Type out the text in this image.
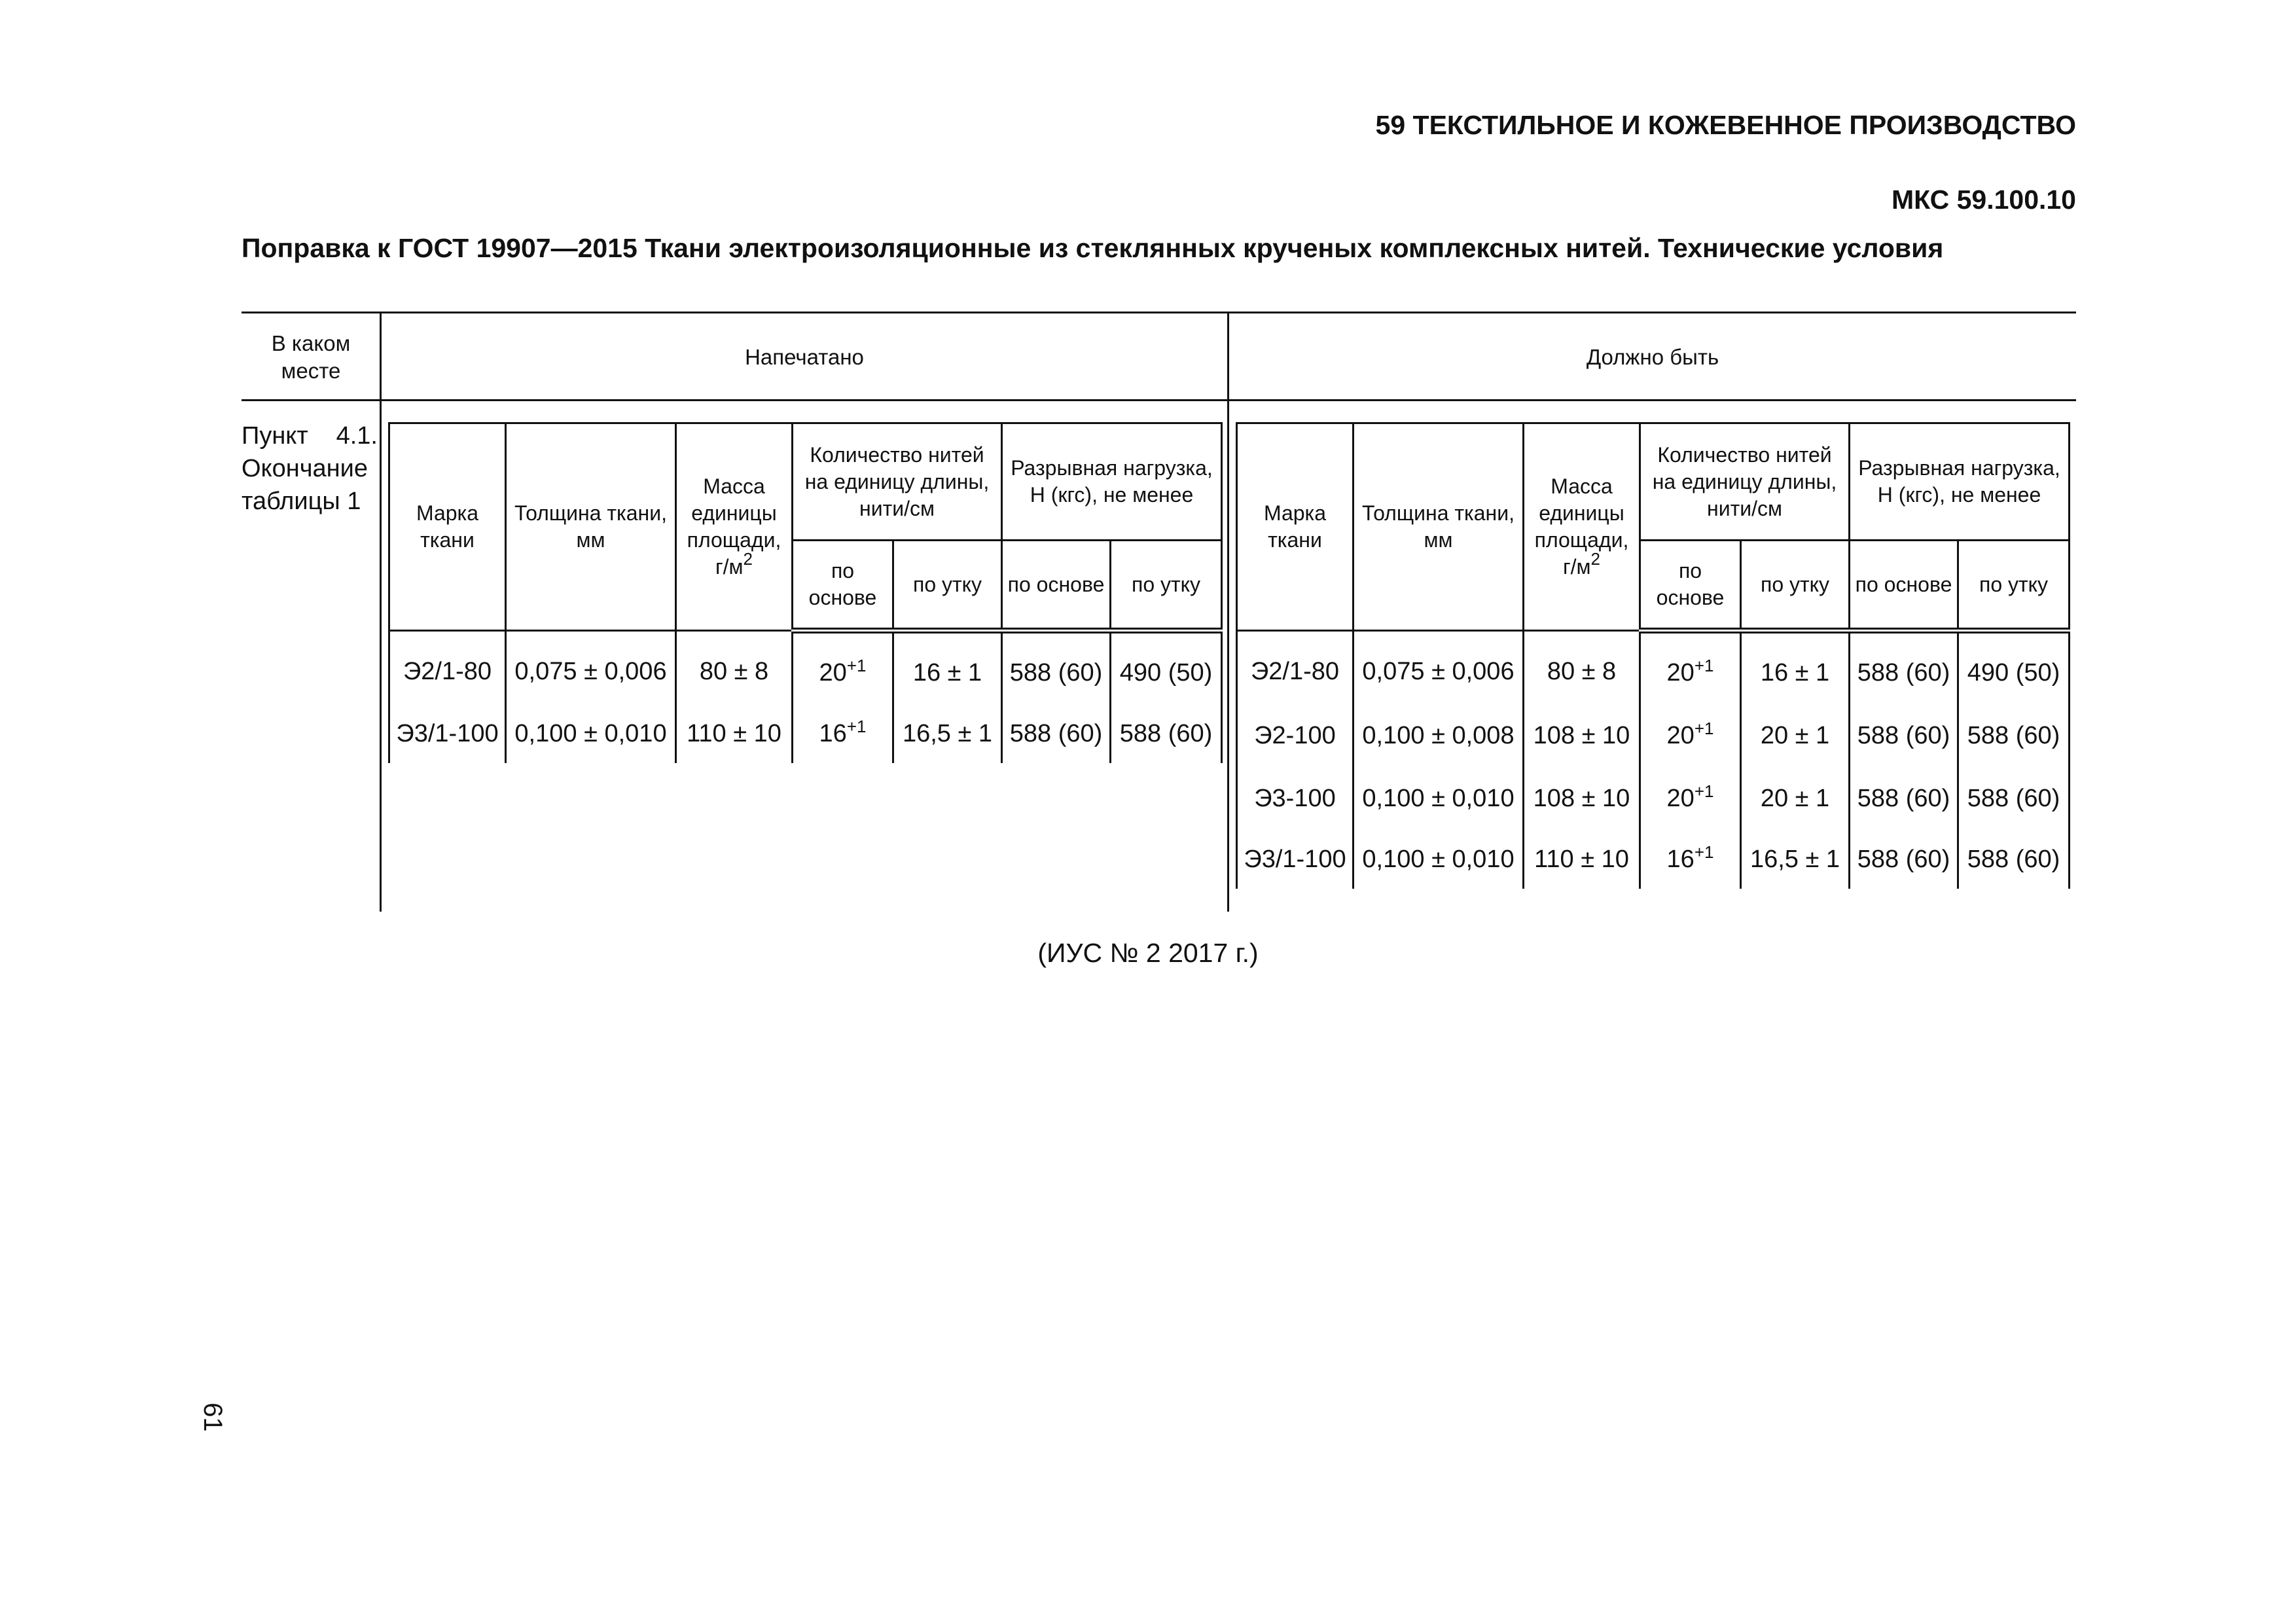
59 ТЕКСТИЛЬНОЕ И КОЖЕВЕННОЕ ПРОИЗВОДСТВО
МКС 59.100.10
Поправка к ГОСТ 19907—2015 Ткани электроизоляционные из стеклянных крученых комплексных нитей. Технические условия
В каком месте
Напечатано	Должно быть
Пункт 4.1. Окончание таблицы 1	Марка ткани	Толщина ткани, мм	Масса единицы площади, $г/м^2$	Количество нитей на единицу длины, нити/см		Разрывная нагрузка, Н (кгс), не менее	
			по основе	по утку	по основе	по утку
Э2/1-80	0,075 ± 0,006	80 ± 8	$20^{+1}$	16 ± 1	588 (60)	490 (50)
Э3/1-100	0,100 ± 0,010	110 ± 10	$16^{+1}$	16,5 ± 1	588 (60)	588 (60)
Марка ткани	Толщина ткани, мм	Масса единицы площади, $г/м^2$	Количество нитей на единицу длины, нити/см		Разрывная нагрузка, Н (кгс), не менее	
			по основе	по утку	по основе	по утку
Э2/1-80	0,075 ± 0,006	80 ± 8	$20^{+1}$	16 ± 1	588 (60)	490 (50)
Э2-100	0,100 ± 0,008	108 ± 10	$20^{+1}$	20 ± 1	588 (60)	588 (60)
Э3-100	0,100 ± 0,010	108 ± 10	$20^{+1}$	20 ± 1	588 (60)	588 (60)
Э3/1-100	0,100 ± 0,010	110 ± 10	$16^{+1}$	16,5 ± 1	588 (60)	588 (60)
(ИУС № 2 2017 г.)
61
